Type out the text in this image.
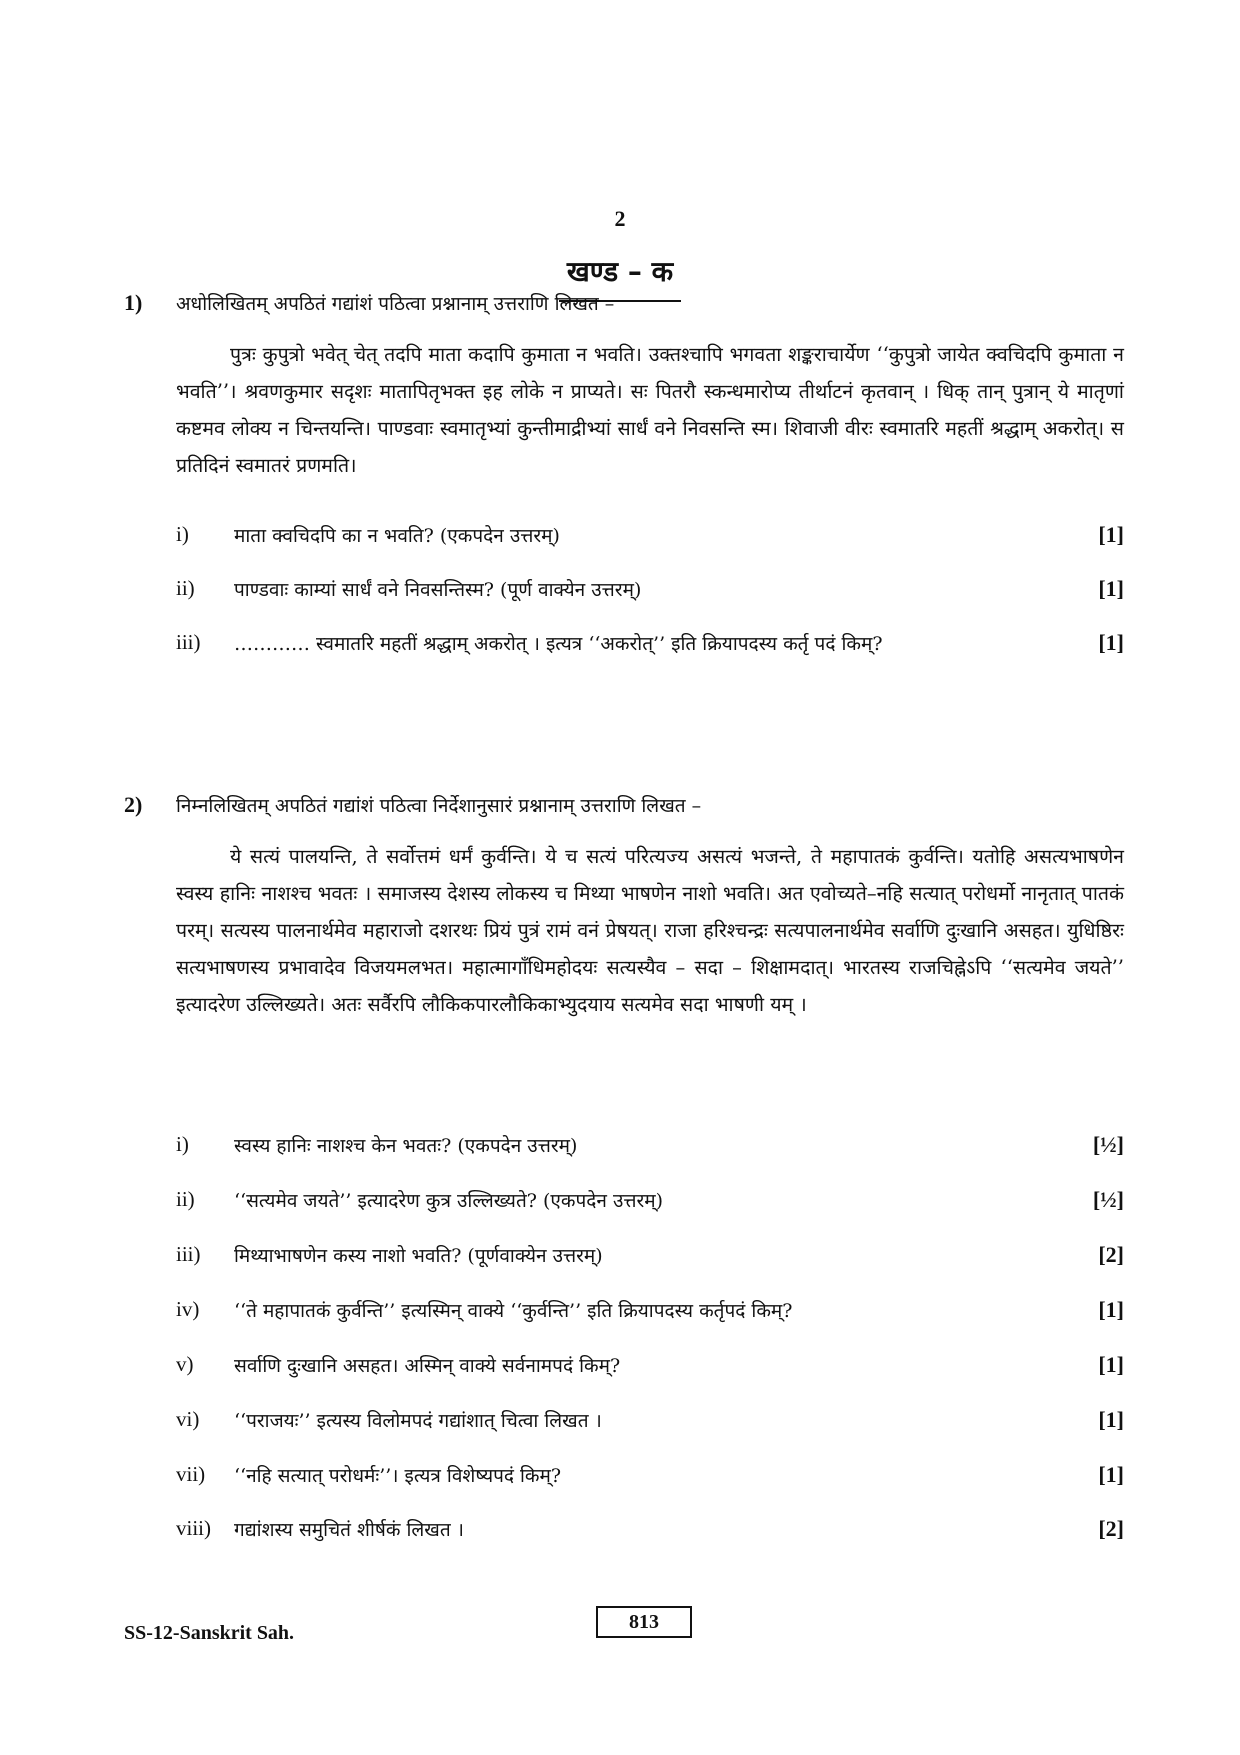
2
खण्ड – क
1) अधोलिखितम् अपठितं गद्यांशं पठित्वा प्रश्नानाम् उत्तराणि लिखत –

पुत्रः कुपुत्रो भवेत् चेत् तदपि माता कदापि कुमाता न भवति। उक्तश्चापि भगवता शङ्कराचार्येण ‘‘कुपुत्रो जायेत क्वचिदपि कुमाता न भवति’’। श्रवणकुमार सदृशः मातापितृभक्त इह लोके न प्राप्यते। सः पितरौ स्कन्धमारोप्य तीर्थाटनं कृतवान् । धिक् तान् पुत्रान् ये मातृणां कष्टमव लोक्य न चिन्तयन्ति। पाण्डवाः स्वमातृभ्यां कुन्तीमाद्रीभ्यां सार्धं वने निवसन्ति स्म। शिवाजी वीरः स्वमातरि महतीं श्रद्धाम् अकरोत्। स प्रतिदिनं स्वमातरं प्रणमति।

i) माता क्वचिदपि का न भवति? (एकपदेन उत्तरम्)	[1]
ii) पाण्डवाः काम्यां सार्धं वने निवसन्तिस्म? (पूर्ण वाक्येन उत्तरम्)	[1]
iii) ………… स्वमातरि महतीं श्रद्धाम् अकरोत् । इत्यत्र ‘‘अकरोत्’’ इति क्रियापदस्य कर्तृ पदं किम्?	[1]
2) निम्नलिखितम् अपठितं गद्यांशं पठित्वा निर्देशानुसारं प्रश्नानाम् उत्तराणि लिखत –

ये सत्यं पालयन्ति, ते सर्वोत्तमं धर्मं कुर्वन्ति। ये च सत्यं परित्यज्य असत्यं भजन्ते, ते महापातकं कुर्वन्ति। यतोहि असत्यभाषणेन स्वस्य हानिः नाशश्च भवतः । समाजस्य देशस्य लोकस्य च मिथ्या भाषणेन नाशो भवति। अत एवोच्यते–नहि सत्यात् परोधर्मो नानृतात् पातकं परम्। सत्यस्य पालनार्थमेव महाराजो दशरथः प्रियं पुत्रं रामं वनं प्रेषयत्। राजा हरिश्चन्द्रः सत्यपालनार्थमेव सर्वाणि दुःखानि असहत। युधिष्ठिरः सत्यभाषणस्य प्रभावादेव विजयमलभत। महात्मागाँधिमहोदयः सत्यस्यैव – सदा – शिक्षामदात्। भारतस्य राजचिह्नेऽपि ‘‘सत्यमेव जयते’’ इत्यादरेण उल्लिख्यते। अतः सर्वैरपि लौकिकपारलौकिकाभ्युदयाय सत्यमेव सदा भाषणी यम् ।

i) स्वस्य हानिः नाशश्च केन भवतः? (एकपदेन उत्तरम्)	[½]
ii) ‘‘सत्यमेव जयते’’ इत्यादरेण कुत्र उल्लिख्यते? (एकपदेन उत्तरम्)	[½]
iii) मिथ्याभाषणेन कस्य नाशो भवति? (पूर्णवाक्येन उत्तरम्)	[2]
iv) ‘‘ते महापातकं कुर्वन्ति’’ इत्यस्मिन् वाक्ये ‘‘कुर्वन्ति’’ इति क्रियापदस्य कर्तृपदं किम्?	[1]
v) सर्वाणि दुःखानि असहत। अस्मिन् वाक्ये सर्वनामपदं किम्?	[1]
vi) ‘‘पराजयः’’ इत्यस्य विलोमपदं गद्यांशात् चित्वा लिखत ।	[1]
vii) ‘‘नहि सत्यात् परोधर्मः’’। इत्यत्र विशेष्यपदं किम्?	[1]
viii) गद्यांशस्य समुचितं शीर्षकं लिखत ।	[2]
SS-12-Sanskrit Sah.	813
